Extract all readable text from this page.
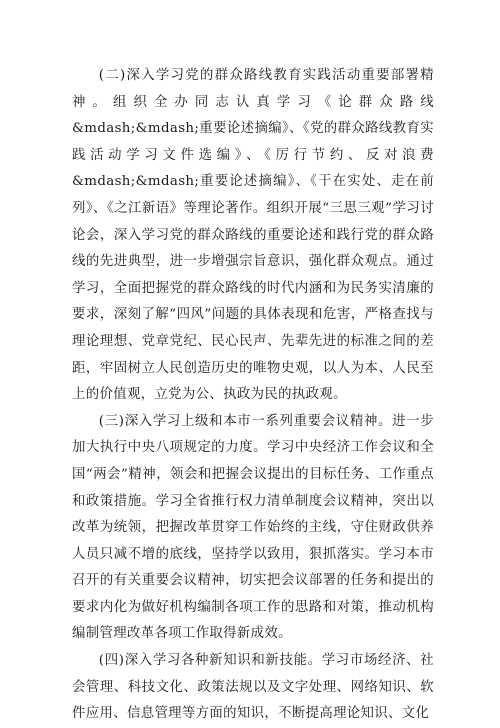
(二)深入学习党的群众路线教育实践活动重要部署精神。组织全办同志认真学习《论群众路线&mdash;&mdash;重要论述摘编》、《党的群众路线教育实践活动学习文件选编》、《厉行节约、反对浪费&mdash;&mdash;重要论述摘编》、《干在实处、走在前列》、《之江新语》等理论著作。组织开展“三思三观”学习讨论会，深入学习党的群众路线的重要论述和践行党的群众路线的先进典型，进一步增强宗旨意识，强化群众观点。通过学习，全面把握党的群众路线的时代内涵和为民务实清廉的要求，深刻了解“四风”问题的具体表现和危害，严格查找与理论理想、党章党纪、民心民声、先辈先进的标准之间的差距，牢固树立人民创造历史的唯物史观，以人为本、人民至上的价值观，立党为公、执政为民的执政观。

(三)深入学习上级和本市一系列重要会议精神。进一步加大执行中央八项规定的力度。学习中央经济工作会议和全国“两会”精神，领会和把握会议提出的目标任务、工作重点和政策措施。学习全省推行权力清单制度会议精神，突出以改革为统领，把握改革贯穿工作始终的主线，守住财政供养人员只减不增的底线，坚持学以致用，狠抓落实。学习本市召开的有关重要会议精神，切实把会议部署的任务和提出的要求内化为做好机构编制各项工作的思路和对策，推动机构编制管理改革各项工作取得新成效。

(四)深入学习各种新知识和新技能。学习市场经济、社会管理、科技文化、政策法规以及文字处理、网络知识、软件应用、信息管理等方面的知识，不断提高理论知识、文化
